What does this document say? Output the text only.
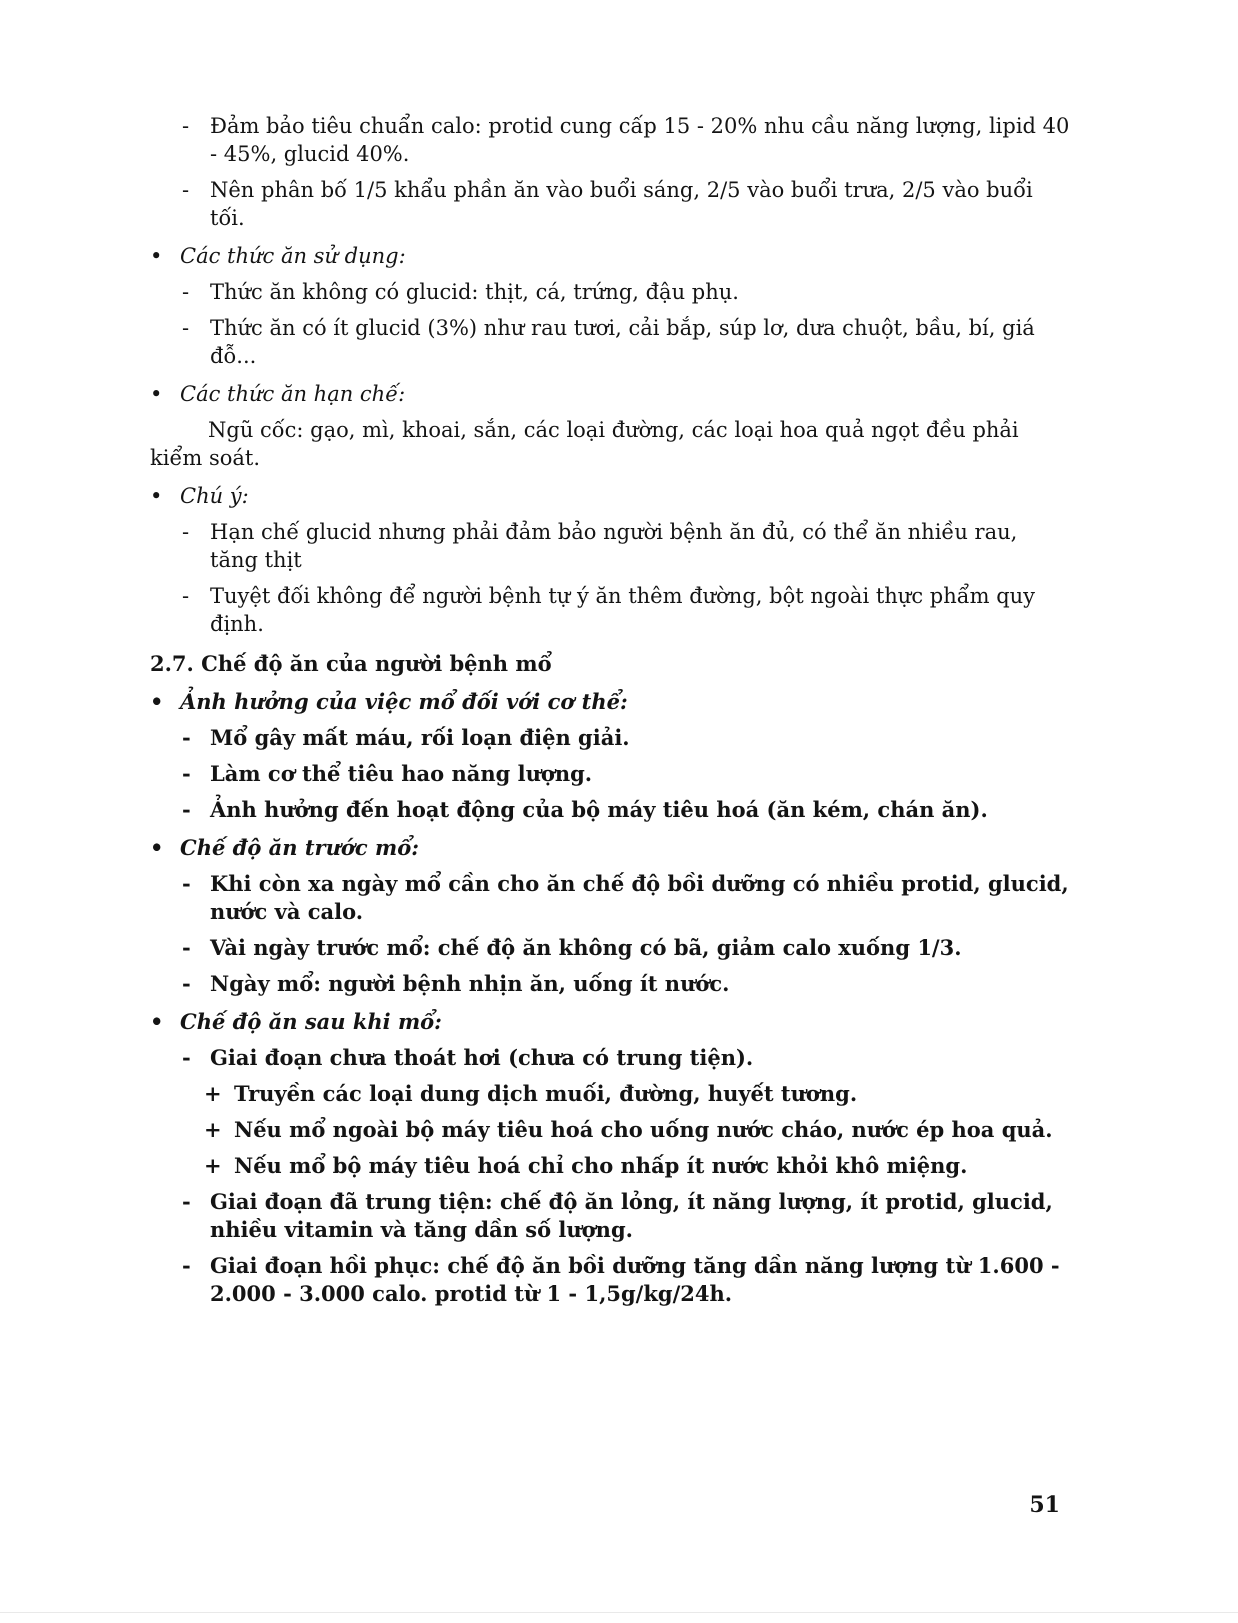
- Đảm bảo tiêu chuẩn calo: protid cung cấp 15 - 20% nhu cầu năng lượng, lipid 40 - 45%, glucid 40%.
- Nên phân bố 1/5 khẩu phần ăn vào buổi sáng, 2/5 vào buổi trưa, 2/5 vào buổi tối.
• Các thức ăn sử dụng:
- Thức ăn không có glucid: thịt, cá, trứng, đậu phụ.
- Thức ăn có ít glucid (3%) như rau tươi, cải bắp, súp lơ, dưa chuột, bầu, bí, giá đỗ...
• Các thức ăn hạn chế:
Ngũ cốc: gạo, mì, khoai, sắn, các loại đường, các loại hoa quả ngọt đều phải kiểm soát.
• Chú ý:
- Hạn chế glucid nhưng phải đảm bảo người bệnh ăn đủ, có thể ăn nhiều rau, tăng thịt
- Tuyệt đối không để người bệnh tự ý ăn thêm đường, bột ngoài thực phẩm quy định.
2.7. Chế độ ăn của người bệnh mổ
• Ảnh hưởng của việc mổ đối với cơ thể:
- Mổ gây mất máu, rối loạn điện giải.
- Làm cơ thể tiêu hao năng lượng.
- Ảnh hưởng đến hoạt động của bộ máy tiêu hoá (ăn kém, chán ăn).
• Chế độ ăn trước mổ:
- Khi còn xa ngày mổ cần cho ăn chế độ bồi dưỡng có nhiều protid, glucid, nước và calo.
- Vài ngày trước mổ: chế độ ăn không có bã, giảm calo xuống 1/3.
- Ngày mổ: người bệnh nhịn ăn, uống ít nước.
• Chế độ ăn sau khi mổ:
- Giai đoạn chưa thoát hơi (chưa có trung tiện).
+ Truyền các loại dung dịch muối, đường, huyết tương.
+ Nếu mổ ngoài bộ máy tiêu hoá cho uống nước cháo, nước ép hoa quả.
+ Nếu mổ bộ máy tiêu hoá chỉ cho nhấp ít nước khỏi khô miệng.
- Giai đoạn đã trung tiện: chế độ ăn lỏng, ít năng lượng, ít protid, glucid, nhiều vitamin và tăng dần số lượng.
- Giai đoạn hồi phục: chế độ ăn bồi dưỡng tăng dần năng lượng từ 1.600 - 2.000 - 3.000 calo. protid từ 1 - 1,5g/kg/24h.
51
